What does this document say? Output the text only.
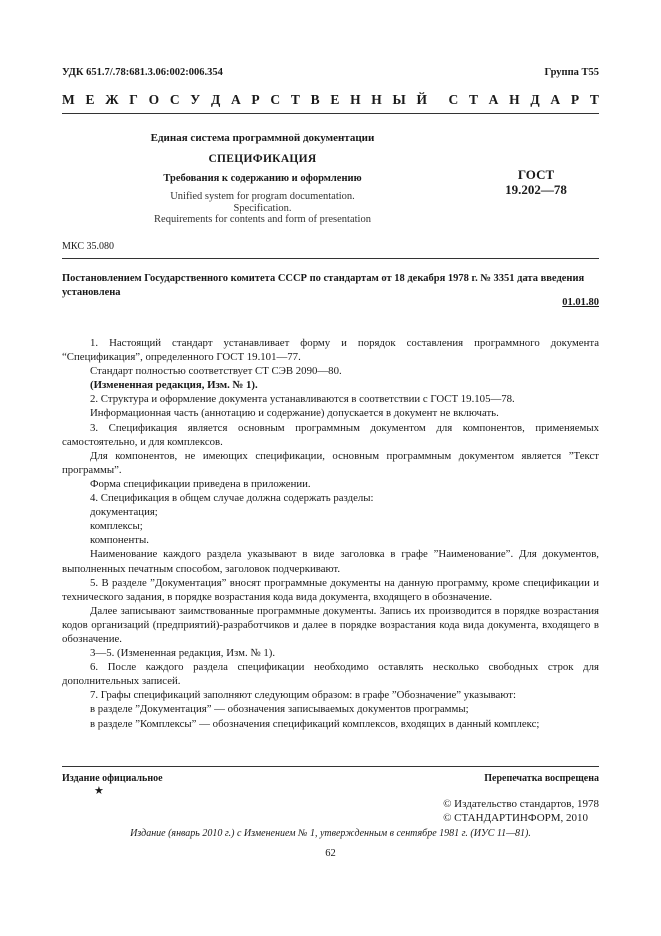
УДК 651.7/.78:681.3.06:002:006.354	Группа Т55
М Е Ж Г О С У Д А Р С Т В Е Н Н Ы Й С Т А Н Д А Р Т
Единая система программной документации
СПЕЦИФИКАЦИЯ
Требования к содержанию и оформлению
Unified system for program documentation.
Specification.
Requirements for contents and form of presentation
ГОСТ
19.202—78
МКС 35.080
Постановлением Государственного комитета СССР по стандартам от 18 декабря 1978 г. № 3351 дата введения установлена
01.01.80

1. Настоящий стандарт устанавливает форму и порядок составления программного документа “Спецификация”, определенного ГОСТ 19.101—77.

Стандарт полностью соответствует СТ СЭВ 2090—80.

(Измененная редакция, Изм. № 1).

2. Структура и оформление документа устанавливаются в соответствии с ГОСТ 19.105—78.

Информационная часть (аннотацию и содержание) допускается в документ не включать.

3. Спецификация является основным программным документом для компонентов, применяемых самостоятельно, и для комплексов.

Для компонентов, не имеющих спецификации, основным программным документом является ”Текст программы”.

Форма спецификации приведена в приложении.

4. Спецификация в общем случае должна содержать разделы:

документация;

комплексы;

компоненты.

Наименование каждого раздела указывают в виде заголовка в графе ”Наименование”. Для документов, выполненных печатным способом, заголовок подчеркивают.

5. В разделе ”Документация” вносят программные документы на данную программу, кроме спецификации и технического задания, в порядке возрастания кода вида документа, входящего в обозначение.

Далее записывают заимствованные программные документы. Запись их производится в порядке возрастания кодов организаций (предприятий)-разработчиков и далее в порядке возрастания кода вида документа, входящего в обозначение.

3—5. (Измененная редакция, Изм. № 1).

6. После каждого раздела спецификации необходимо оставлять несколько свободных строк для дополнительных записей.

7. Графы спецификаций заполняют следующим образом: в графе ”Обозначение” указывают:

в разделе ”Документация” — обозначения записываемых документов программы;

в разделе ”Комплексы” — обозначения спецификаций комплексов, входящих в данный комплекс;

Издание официальное
★
Перепечатка воспрещена
© Издательство стандартов, 1978
© СТАНДАРТИНФОРМ, 2010
Издание (январь 2010 г.) с Изменением № 1, утвержденным в сентябре 1981 г. (ИУС 11—81).
62
